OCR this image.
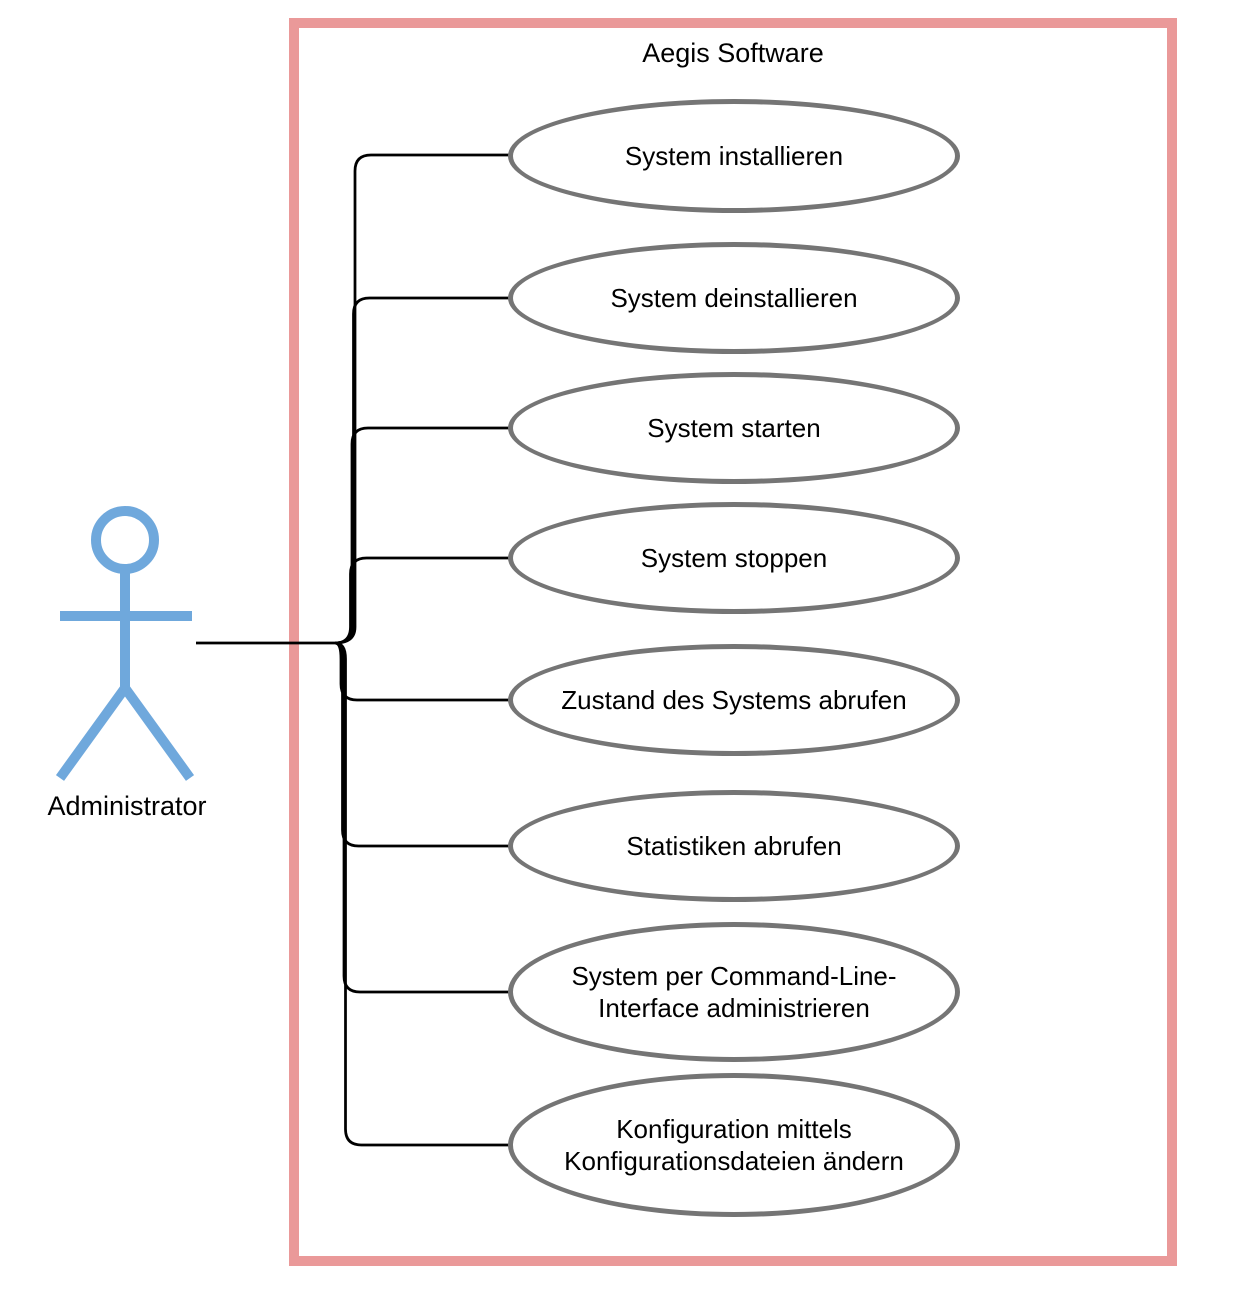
Aegis Software
System installieren
System deinstallieren
System starten
System stoppen
Zustand des Systems abrufen
Statistiken abrufen
System per Command-Line-Interface administrieren
Konfiguration mittels Konfigurationsdateien ändern
Administrator
